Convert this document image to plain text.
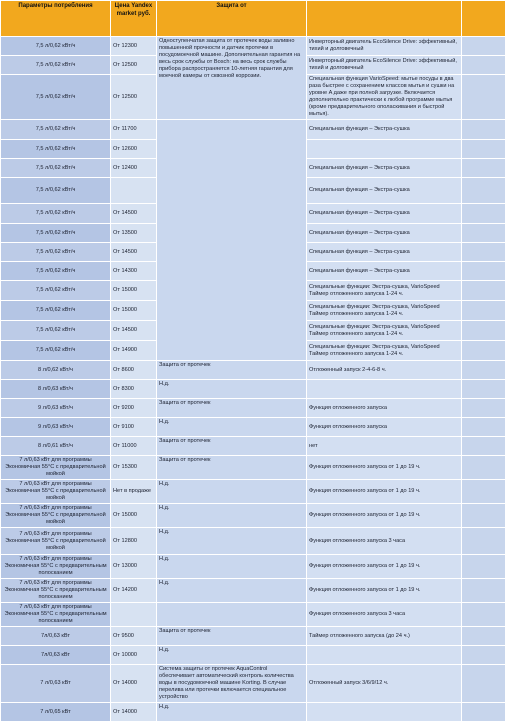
Параметры потребления	Цена Yandex market руб.	Защита от		
7,5 л/0,62 кВт/ч	От 12300	Одноступенчатая защита от протечек воды заливно повышенной прочности и датчик протечки в посудомоечной машине. Дополнительная гарантия на весь срок службы от Bosch: на весь срок службы прибора распространяется 10-летняя гарантия для моечной камеры от сквозной коррозии.	Инверторный двигатель EcoSilence Drive: эффективный, тихий и долговечный	
7,5 л/0,62 кВт/ч	От 12500		Инверторный двигатель EcoSilence Drive: эффективный, тихий и долговечный	
7,5 л/0,62 кВт/ч	От 12500		Специальная функция VarioSpeed: мытье посуды в два раза быстрее с сохранением классов мытья и сушки на уровне A даже при полной загрузке. Включается дополнительно практически к любой программе мытья (кроме предварительного ополаскивания и быстрой мытья).	
7,5 л/0,62 кВт/ч	От 11700		Специальная функция – Экстра-сушка	
7,5 л/0,62 кВт/ч	От 12600			
7,5 л/0,62 кВт/ч	От 12400		Специальная функция – Экстра-сушка	
7,5 л/0,62 кВт/ч			Специальная функция – Экстра-сушка	
7,5 л/0,62 кВт/ч	От 14500		Специальная функция – Экстра-сушка	
7,5 л/0,62 кВт/ч	От 13500		Специальная функция – Экстра-сушка	
7,5 л/0,62 кВт/ч	От 14500		Специальная функция – Экстра-сушка	
7,5 л/0,62 кВт/ч	От 14300		Специальная функция – Экстра-сушка	
7,5 л/0,62 кВт/ч	От 15000		Специальные функции: Экстра-сушка, VarioSpeed Таймер отложенного запуска 1-24 ч.	
7,5 л/0,62 кВт/ч	От 15000		Специальные функции: Экстра-сушка, VarioSpeed Таймер отложенного запуска 1-24 ч.	
7,5 л/0,62 кВт/ч	От 14500		Специальные функции: Экстра-сушка, VarioSpeed Таймер отложенного запуска 1-24 ч.	
7,5 л/0,62 кВт/ч	От 14900		Специальные функции: Экстра-сушка, VarioSpeed Таймер отложенного запуска 1-24 ч.	
8 л/0,62 кВт/ч	От 8600	Защита от протечек	Отложенный запуск 2-4-6-8 ч.	
8 л/0,63 кВт/ч	От 8300	Н.д.		
9 л/0,63 кВт/ч	От 9200	Защита от протечек	Функция отложенного запуска	
9 л/0,63 кВт/ч	От 9100	Н.д.	Функция отложенного запуска	
8 л/0,61 кВт/ч	От 11000	Защита от протечек	нет	
7 л/0,63 кВт для программы Экономичная 55°С с предварительной мойкой	От 15300	Защита от протечек	Функция отложенного запуска от 1 до 19 ч.	
7 л/0,63 кВт для программы Экономичная 55°С с предварительной мойкой	Нет в продаже	Н.д.	Функция отложенного запуска от 1 до 19 ч.	
7 л/0,63 кВт для программы Экономичная 55°С с предварительной мойкой	От 15000	Н.д.	Функция отложенного запуска от 1 до 19 ч.	
7 л/0,63 кВт для программы Экономичная 55°С с предварительной мойкой	От 12800	Н.д.	Функция отложенного запуска 3 часа	
7 л/0,63 кВт для программы Экономичная 55°С с предварительным полосканием	От 13000	Н.д.	Функция отложенного запуска от 1 до 19 ч.	
7 л/0,63 кВт для программы Экономичная 55°С с предварительным полосканием	От 14200	Н.д.	Функция отложенного запуска от 1 до 19 ч.	
7 л/0,63 кВт для программы Экономичная 55°С с предварительным полосканием			Функция отложенного запуска 3 часа	
7л/0,63 кВт	От 9500	Защита от протечек	Таймер отложенного запуска (до 24 ч.)	
7л/0,63 кВт	От 10000	Н.д.		
7 л/0,63 кВт	От 14000	Система защиты от протечек AquaControl обеспечивает автоматический контроль количества воды в посудомоечной машине Korting. В случае перелива или протечки включается специальное устройство	Отложенный запуск 3/6/9/12 ч.	
7 л/0,65 кВт	От 14000	Н.д.		
